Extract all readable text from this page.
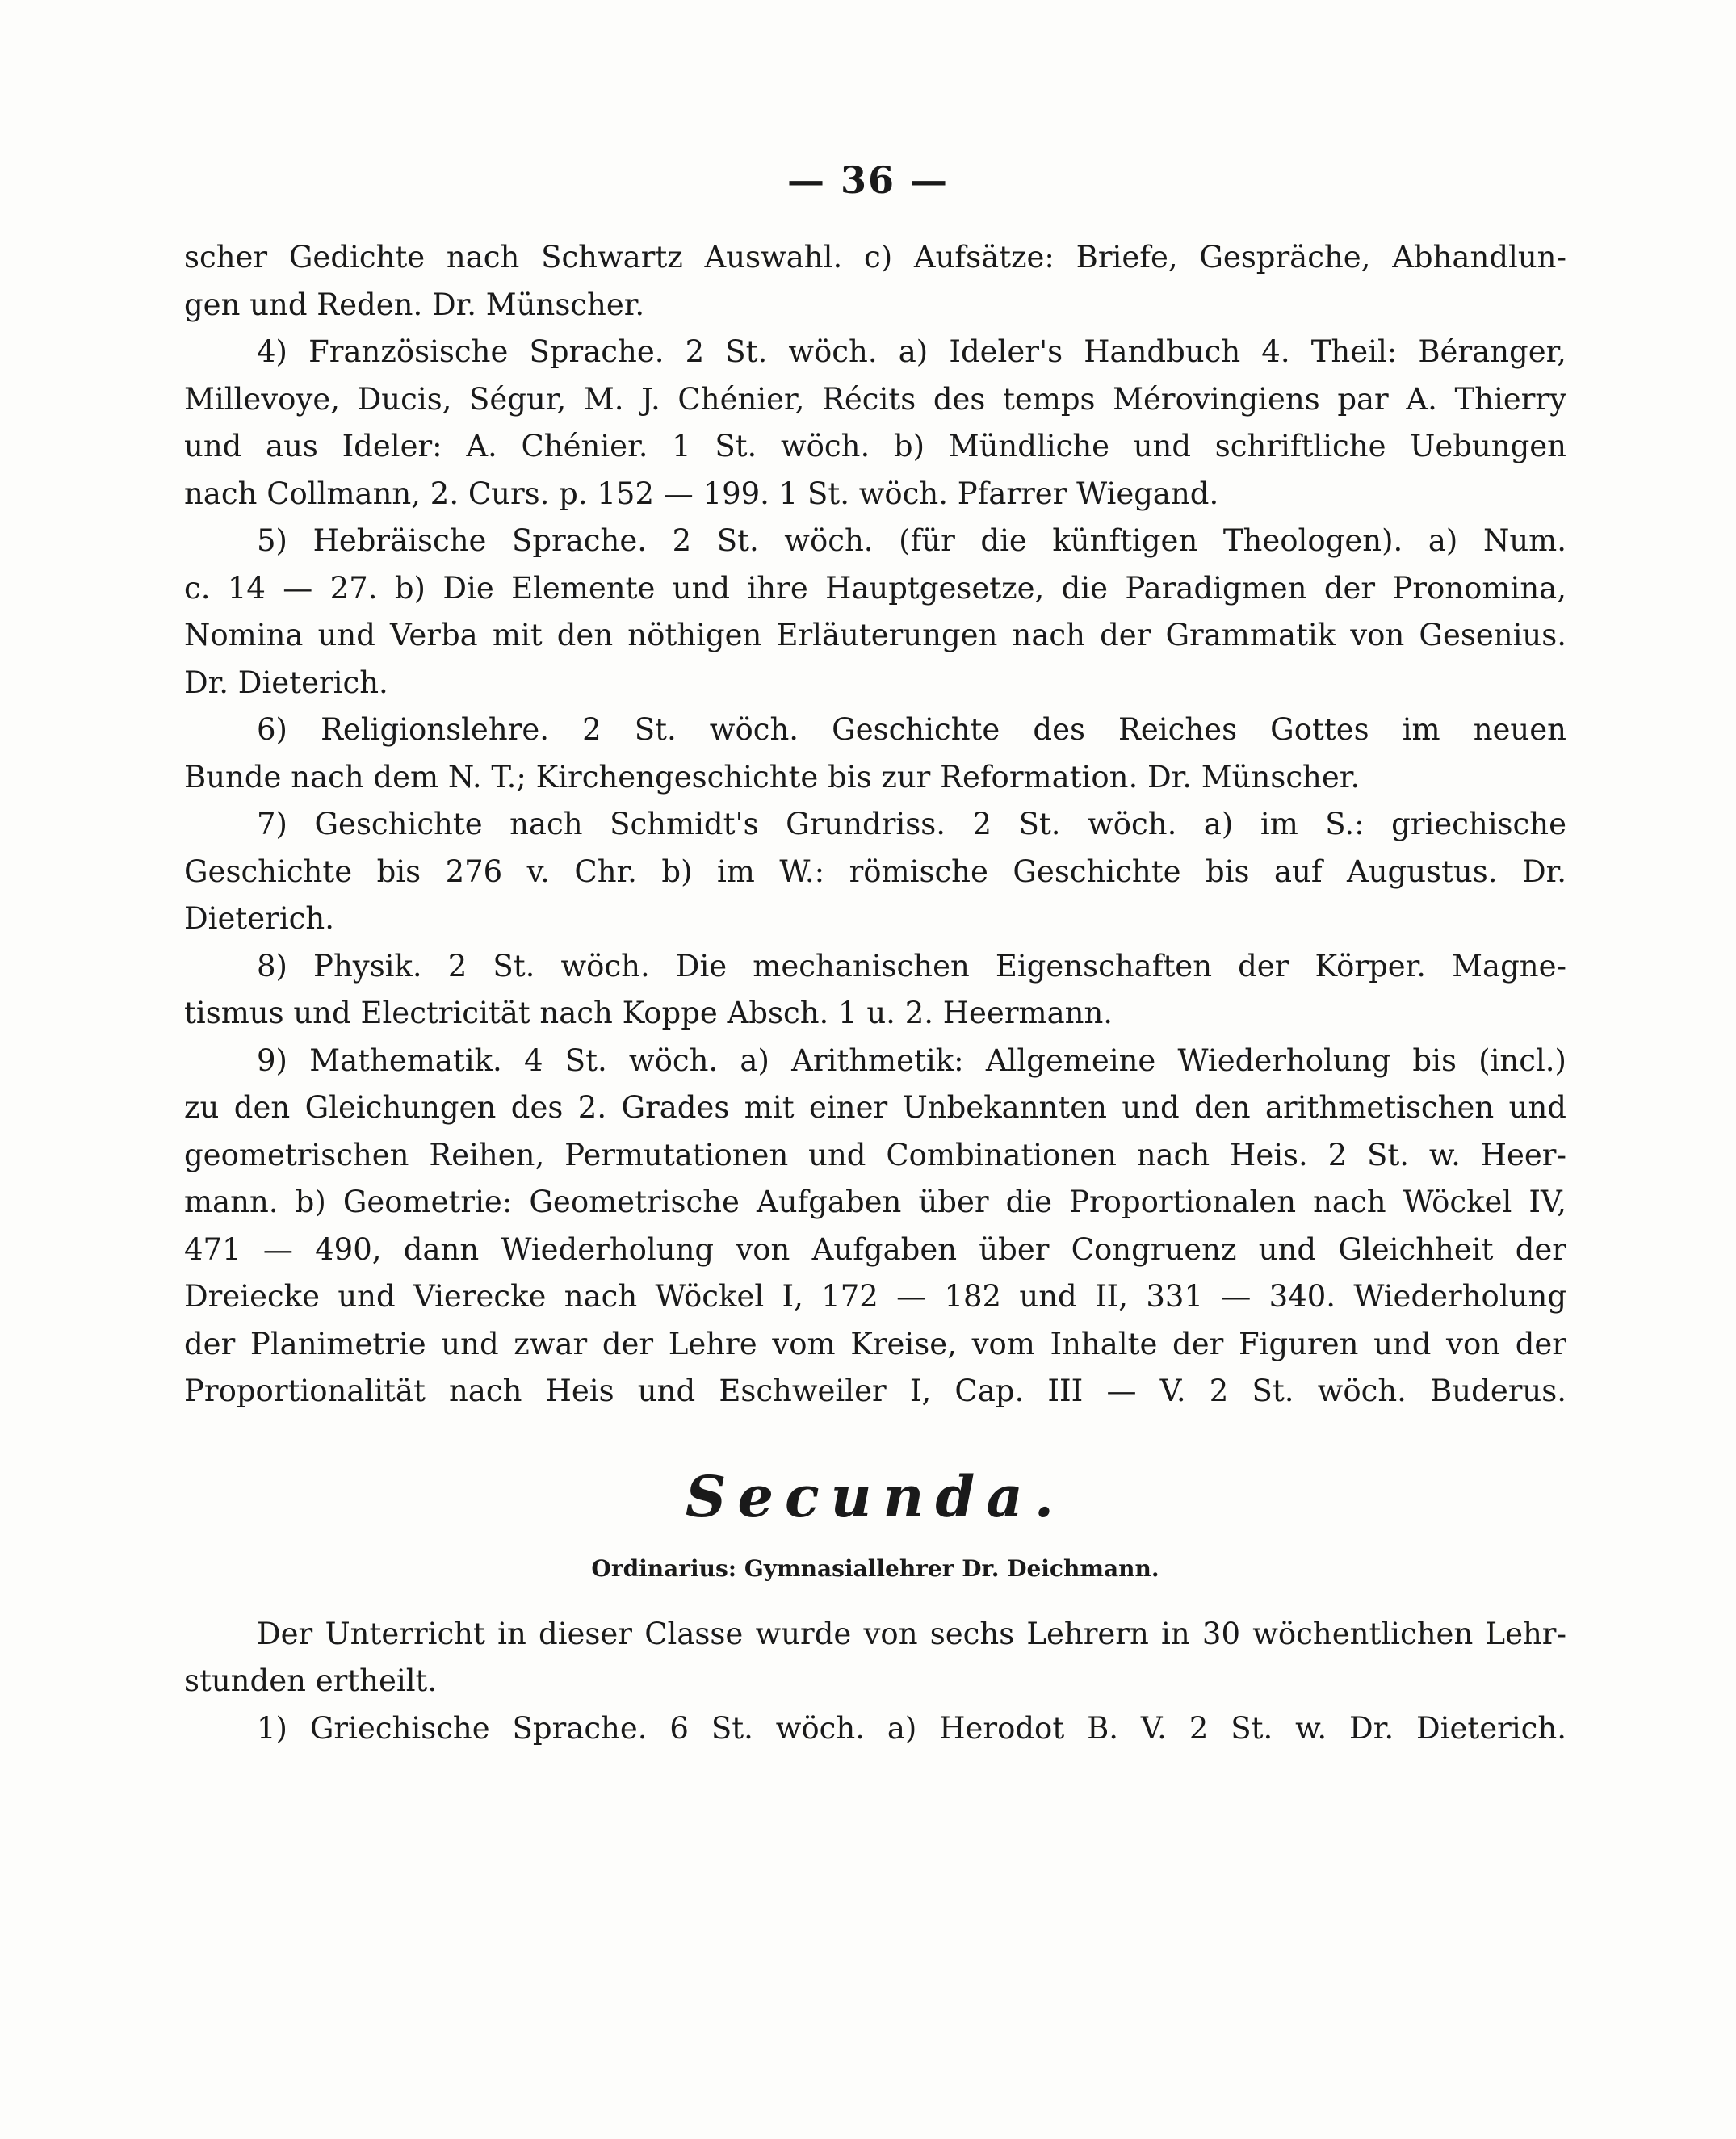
— 36 —

scher Gedichte nach Schwartz Auswahl. c) Aufsätze: Briefe, Gespräche, Abhandlun-

gen und Reden. Dr. Münscher.

4) Französische Sprache. 2 St. wöch. a) Ideler's Handbuch 4. Theil: Béranger,

Millevoye, Ducis, Ségur, M. J. Chénier, Récits des temps Mérovingiens par A. Thierry

und aus Ideler: A. Chénier. 1 St. wöch. b) Mündliche und schriftliche Uebungen

nach Collmann, 2. Curs. p. 152 — 199. 1 St. wöch. Pfarrer Wiegand.

5) Hebräische Sprache. 2 St. wöch. (für die künftigen Theologen). a) Num.

c. 14 — 27. b) Die Elemente und ihre Hauptgesetze, die Paradigmen der Pronomina,

Nomina und Verba mit den nöthigen Erläuterungen nach der Grammatik von Gesenius.

Dr. Dieterich.

6) Religionslehre. 2 St. wöch. Geschichte des Reiches Gottes im neuen

Bunde nach dem N. T.; Kirchengeschichte bis zur Reformation. Dr. Münscher.

7) Geschichte nach Schmidt's Grundriss. 2 St. wöch. a) im S.: griechische

Geschichte bis 276 v. Chr. b) im W.: römische Geschichte bis auf Augustus. Dr.

Dieterich.

8) Physik. 2 St. wöch. Die mechanischen Eigenschaften der Körper. Magne-

tismus und Electricität nach Koppe Absch. 1 u. 2. Heermann.

9) Mathematik. 4 St. wöch. a) Arithmetik: Allgemeine Wiederholung bis (incl.)

zu den Gleichungen des 2. Grades mit einer Unbekannten und den arithmetischen und

geometrischen Reihen, Permutationen und Combinationen nach Heis. 2 St. w. Heer-

mann. b) Geometrie: Geometrische Aufgaben über die Proportionalen nach Wöckel IV,

471 — 490, dann Wiederholung von Aufgaben über Congruenz und Gleichheit der

Dreiecke und Vierecke nach Wöckel I, 172 — 182 und II, 331 — 340. Wiederholung

der Planimetrie und zwar der Lehre vom Kreise, vom Inhalte der Figuren und von der

Proportionalität nach Heis und Eschweiler I, Cap. III — V. 2 St. wöch. Buderus.

Secunda.
Ordinarius: Gymnasiallehrer Dr. Deichmann.

Der Unterricht in dieser Classe wurde von sechs Lehrern in 30 wöchentlichen Lehr-

stunden ertheilt.

1) Griechische Sprache. 6 St. wöch. a) Herodot B. V. 2 St. w. Dr. Dieterich.
